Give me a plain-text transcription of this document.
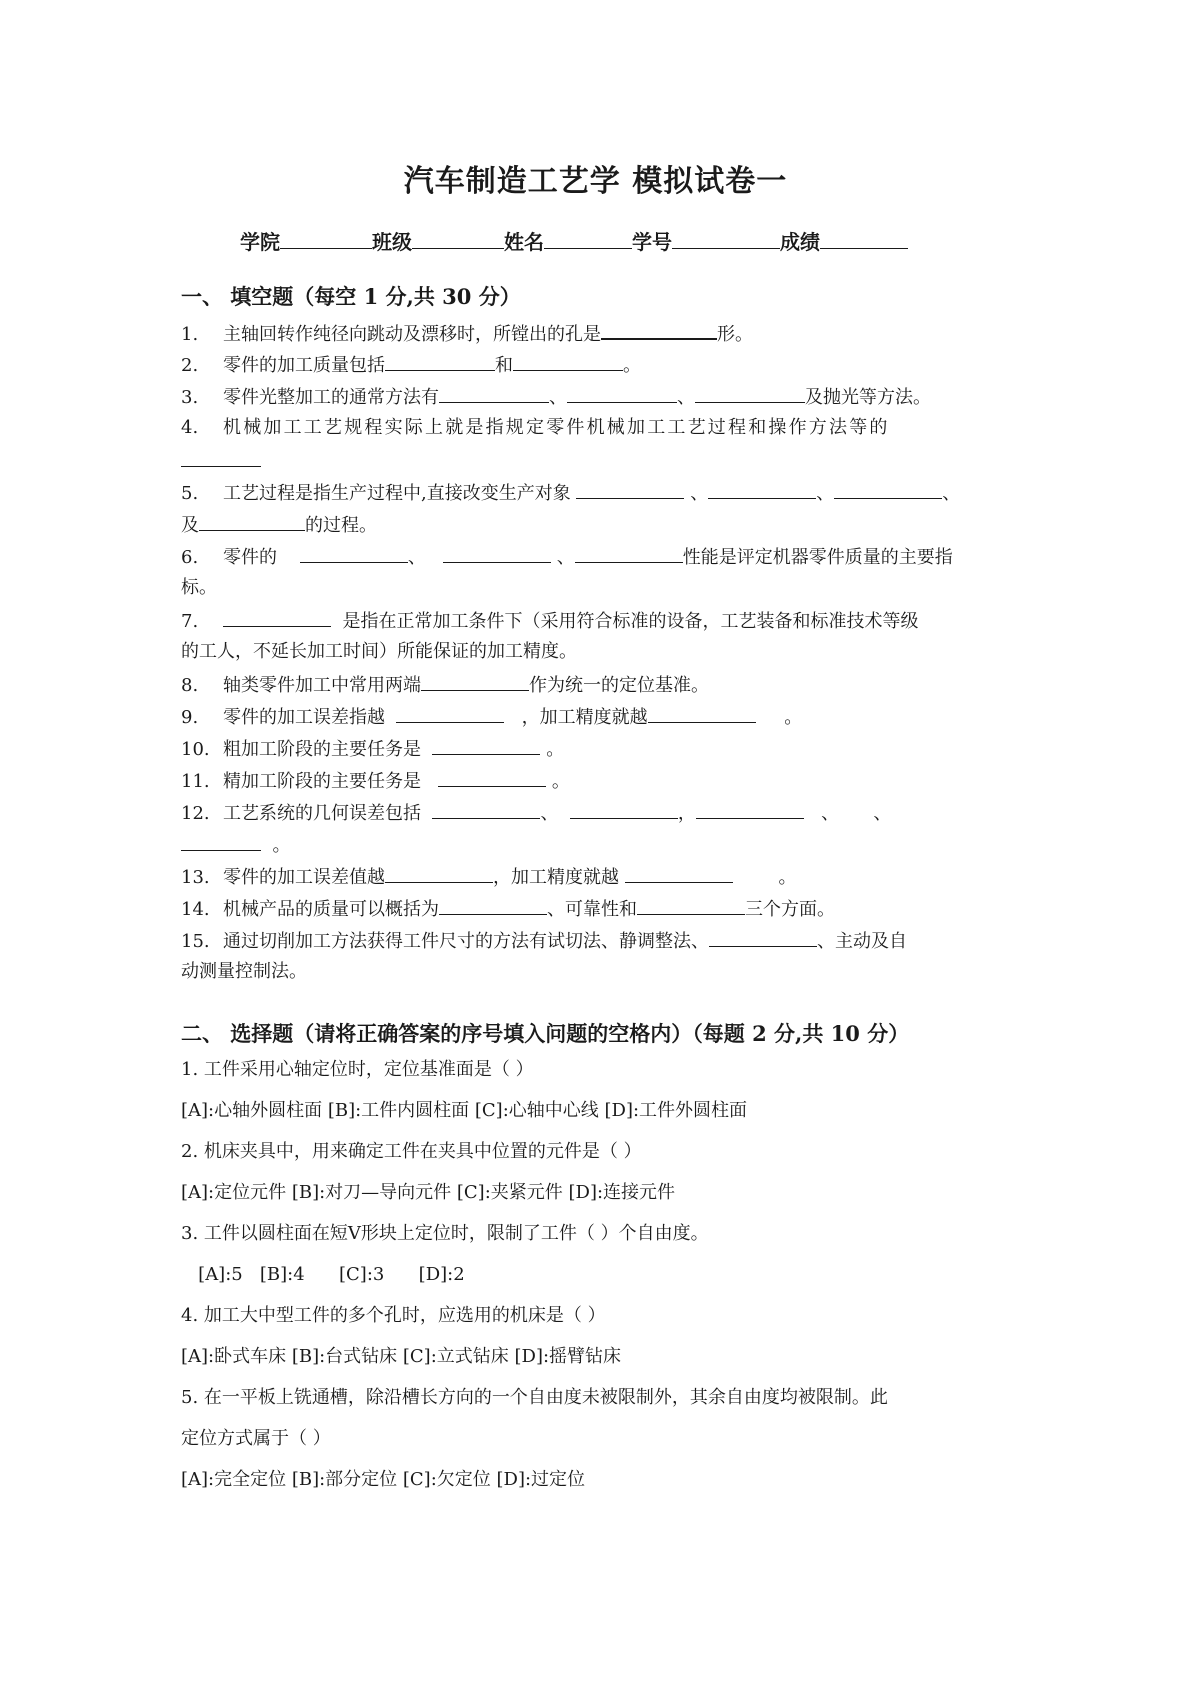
汽车制造工艺学 模拟试卷一
学院	班级	姓名	学号	成绩
一、 填空题（每空 1 分,共 30 分）
1. 主轴回转作纯径向跳动及漂移时，所镗出的孔是	形。
2. 零件的加工质量包括	和	。
3. 零件光整加工的通常方法有	、	、	及抛光等方法。
4. 机械加工工艺规程实际上就是指规定零件机械加工工艺过程和操作方法等的
5. 工艺过程是指生产过程中,直接改变生产对象	、	、	、
及	的过程。
6. 零件的	、	、	性能是评定机器零件质量的主要指
标。
7.	是指在正常加工条件下（采用符合标准的设备，工艺装备和标准技术等级
的工人，不延长加工时间）所能保证的加工精度。
8. 轴类零件加工中常用两端	作为统一的定位基准。
9. 零件的加工误差指越	，加工精度就越	。
10. 粗加工阶段的主要任务是	。
11. 精加工阶段的主要任务是	。
12. 工艺系统的几何误差包括	、	，	、 、
。
13. 零件的加工误差值越	，加工精度就越	。
14. 机械产品的质量可以概括为	、可靠性和	三个方面。
15. 通过切削加工方法获得工件尺寸的方法有试切法、静调整法、	、主动及自
动测量控制法。
二、 选择题（请将正确答案的序号填入问题的空格内）（每题 2 分,共 10 分）
1. 工件采用心轴定位时，定位基准面是（ ）
[A]:心轴外圆柱面 [B]:工件内圆柱面 [C]:心轴中心线 [D]:工件外圆柱面
2. 机床夹具中，用来确定工件在夹具中位置的元件是（ ）
[A]:定位元件 [B]:对刀—导向元件 [C]:夹紧元件 [D]:连接元件
3. 工件以圆柱面在短V形块上定位时，限制了工件（ ）个自由度。
[A]:5   [B]:4      [C]:3      [D]:2
4. 加工大中型工件的多个孔时，应选用的机床是（ ）
[A]:卧式车床 [B]:台式钻床 [C]:立式钻床 [D]:摇臂钻床
5. 在一平板上铣通槽，除沿槽长方向的一个自由度未被限制外，其余自由度均被限制。此
定位方式属于（ ）
[A]:完全定位 [B]:部分定位 [C]:欠定位 [D]:过定位
